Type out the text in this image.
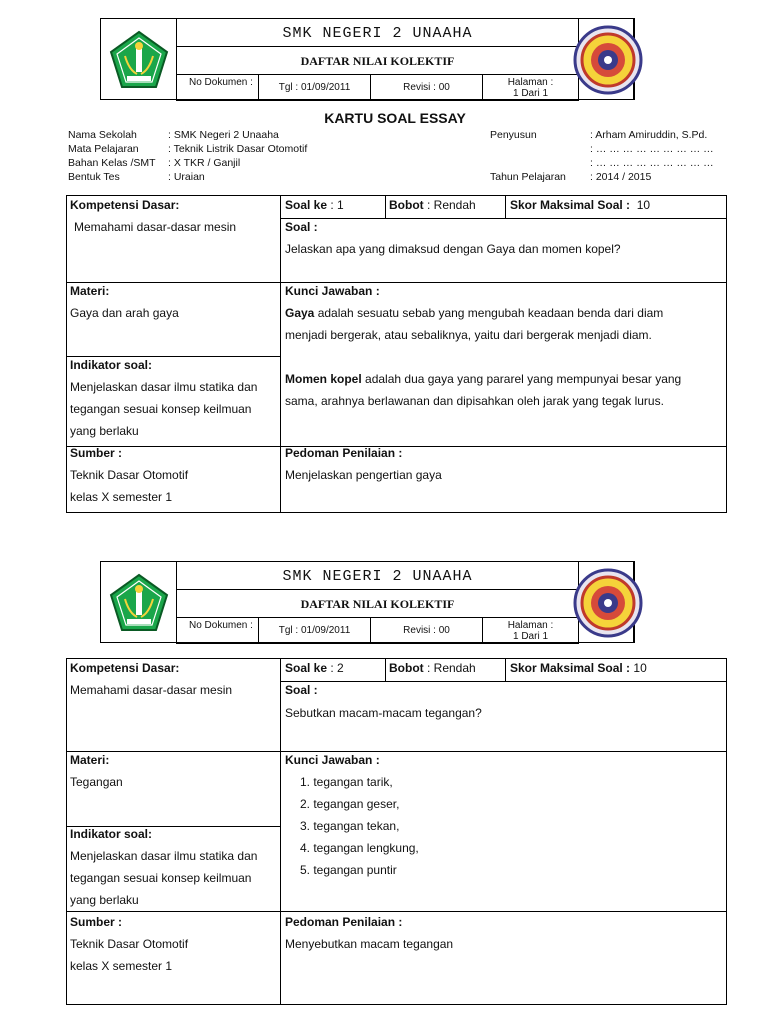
SMK NEGERI 2 UNAAHA
DAFTAR NILAI KOLEKTIF
No Dokumen :	Tgl : 01/09/2011	Revisi : 00	Halaman :
1 Dari 1
KARTU SOAL ESSAY
Nama Sekolah	: SMK Negeri 2 Unaaha
Mata Pelajaran	: Teknik Listrik Dasar Otomotif
Bahan Kelas /SMT : X TKR / Ganjil
Bentuk Tes	: Uraian
Penyusun	: Arham Amiruddin, S.Pd.
: … … … … … … … … …
: … … … … … … … … …
Tahun Pelajaran : 2014 / 2015
Kompetensi Dasar:
Memahami dasar-dasar mesin
Soal ke : 1	Bobot : Rendah	Skor Maksimal Soal : 10
Soal :
Jelaskan apa yang dimaksud dengan Gaya dan momen kopel?
Materi:
Gaya dan arah gaya
Kunci Jawaban :
Gaya adalah sesuatu sebab yang mengubah keadaan benda dari diam
menjadi bergerak, atau sebaliknya, yaitu dari bergerak menjadi diam.
Momen kopel adalah dua gaya yang pararel yang mempunyai besar yang
sama, arahnya berlawanan dan dipisahkan oleh jarak yang tegak lurus.
Indikator soal:
Menjelaskan dasar ilmu statika dan
tegangan sesuai konsep keilmuan
yang berlaku
Sumber :
Teknik Dasar Otomotif
kelas X semester 1
Pedoman Penilaian :
Menjelaskan pengertian gaya
SMK NEGERI 2 UNAAHA
DAFTAR NILAI KOLEKTIF
No Dokumen :	Tgl : 01/09/2011	Revisi : 00	Halaman :
1 Dari 1
Kompetensi Dasar:
Memahami dasar-dasar mesin
Soal ke : 2	Bobot : Rendah	Skor Maksimal Soal : 10
Soal :
Sebutkan macam-macam tegangan?
Materi:
Tegangan
Kunci Jawaban :
1. tegangan tarik,
2. tegangan geser,
3. tegangan tekan,
4. tegangan lengkung,
5. tegangan puntir
Indikator soal:
Menjelaskan dasar ilmu statika dan
tegangan sesuai konsep keilmuan
yang berlaku
Sumber :
Teknik Dasar Otomotif
kelas X semester 1
Pedoman Penilaian :
Menyebutkan macam tegangan
